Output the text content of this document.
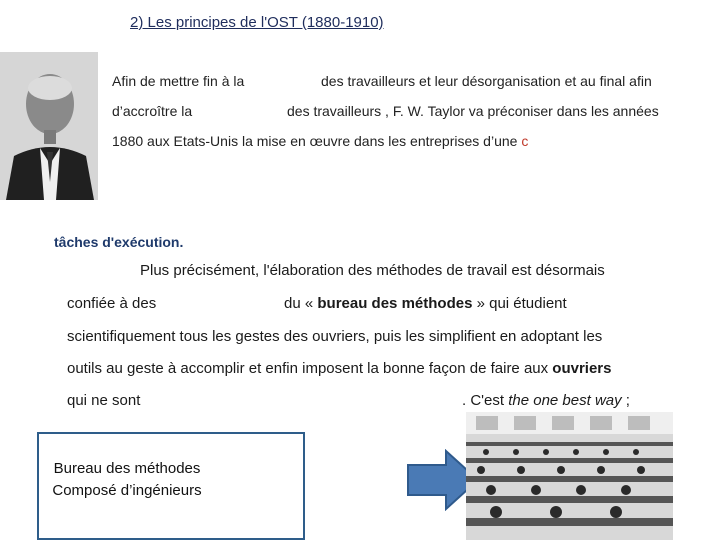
2) Les principes de l'OST (1880-1910)
Afin de mettre fin à la	des travailleurs et leur désorganisation et au final afin
d’accroître la	des travailleurs , F. W. Taylor va préconiser dans les années
1880 aux Etats-Unis la mise en œuvre dans les entreprises d’une c
tâches d'exécution.
Plus précisément, l'élaboration des méthodes de travail est désormais
confiée à des	du « bureau des méthodes » qui étudient
scientifiquement tous les gestes des ouvriers, puis les simplifient en adoptant les
outils au geste à accomplir et enfin imposent la bonne façon de faire aux ouvriers
qui ne sont	. C'est the one best way ;
Bureau des méthodes
Composé d’ingénieurs
